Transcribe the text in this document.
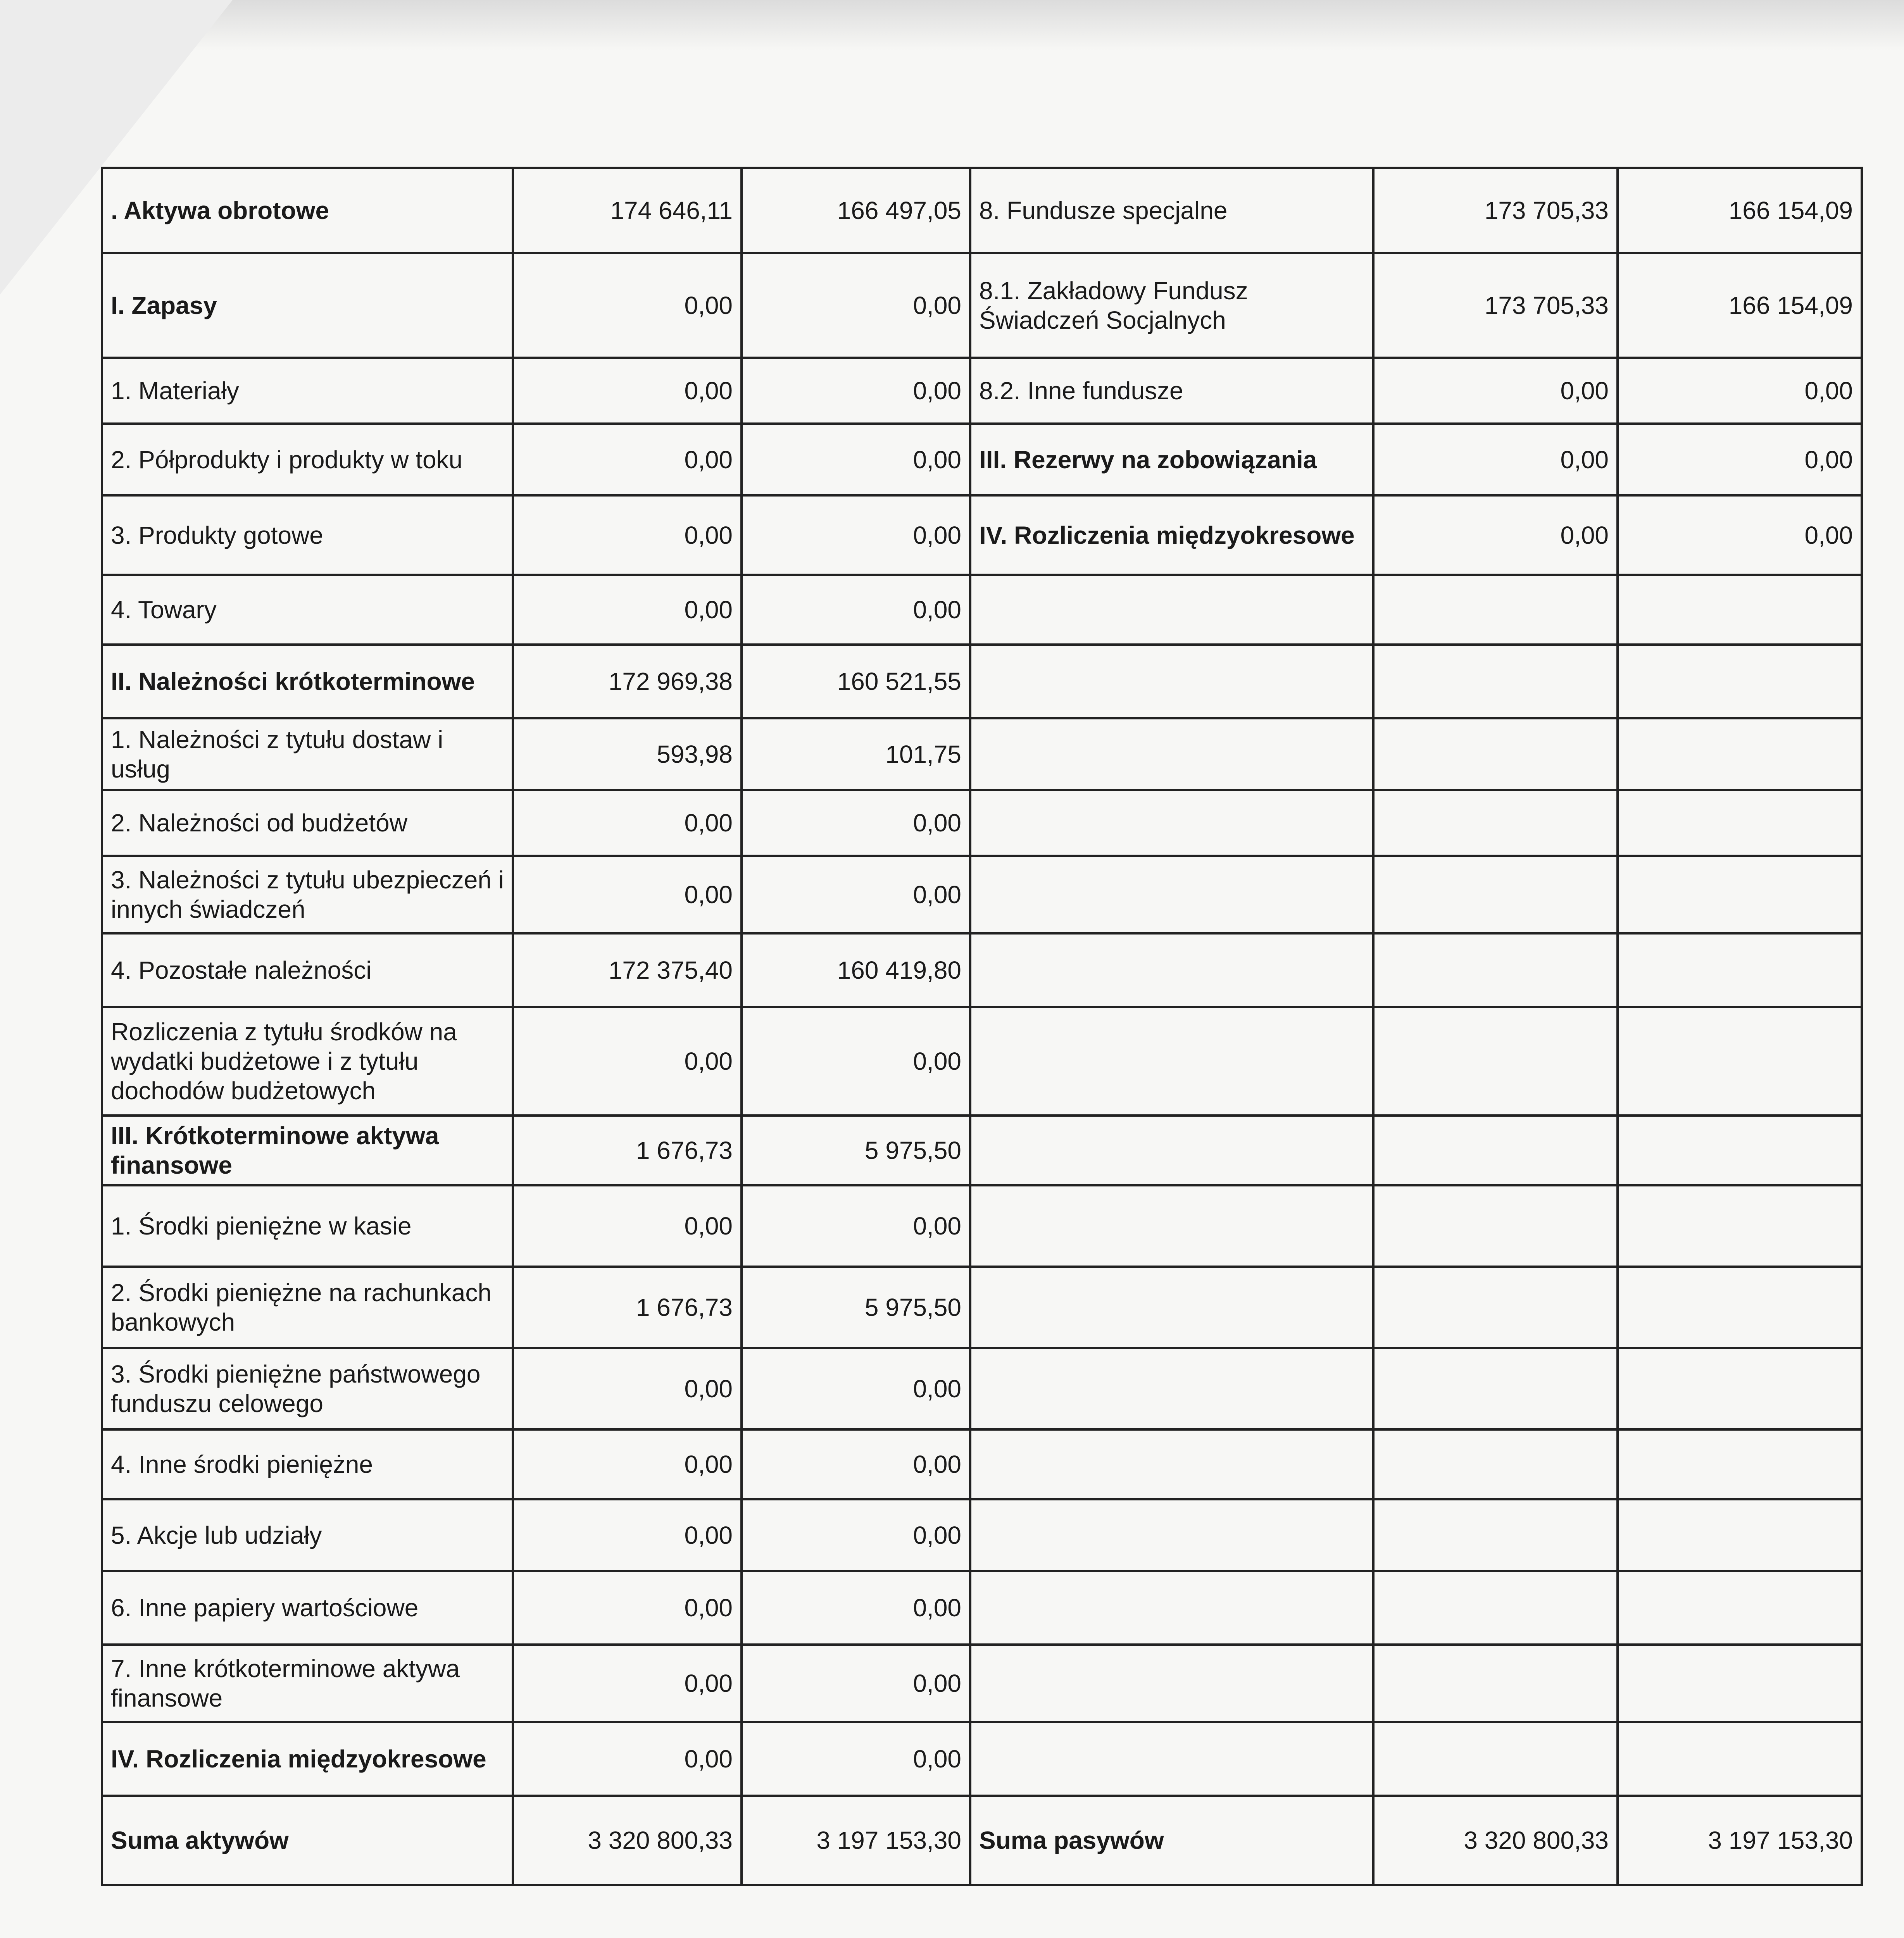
. Aktywa obrotowe	174 646,11	166 497,05	8. Fundusze specjalne	173 705,33	166 154,09
I. Zapasy	0,00	0,00	8.1. Zakładowy Fundusz Świadczeń Socjalnych	173 705,33	166 154,09
1. Materiały	0,00	0,00	8.2. Inne fundusze	0,00	0,00
2. Półprodukty i produkty w toku	0,00	0,00	III. Rezerwy na zobowiązania	0,00	0,00
3. Produkty gotowe	0,00	0,00	IV. Rozliczenia międzyokresowe	0,00	0,00
4. Towary	0,00	0,00			
II. Należności krótkoterminowe	172 969,38	160 521,55			
1. Należności z tytułu dostaw i usług	593,98	101,75			
2. Należności od budżetów	0,00	0,00			
3. Należności z tytułu ubezpieczeń i innych świadczeń	0,00	0,00			
4. Pozostałe należności	172 375,40	160 419,80			
Rozliczenia z tytułu środków na wydatki budżetowe i z tytułu dochodów budżetowych	0,00	0,00			
III. Krótkoterminowe aktywa finansowe	1 676,73	5 975,50			
1. Środki pieniężne w kasie	0,00	0,00			
2. Środki pieniężne na rachunkach bankowych	1 676,73	5 975,50			
3. Środki pieniężne państwowego funduszu celowego	0,00	0,00			
4. Inne środki pieniężne	0,00	0,00			
5. Akcje lub udziały	0,00	0,00			
6. Inne papiery wartościowe	0,00	0,00			
7. Inne krótkoterminowe aktywa finansowe	0,00	0,00			
IV. Rozliczenia międzyokresowe	0,00	0,00			
Suma aktywów	3 320 800,33	3 197 153,30	Suma pasywów	3 320 800,33	3 197 153,30
